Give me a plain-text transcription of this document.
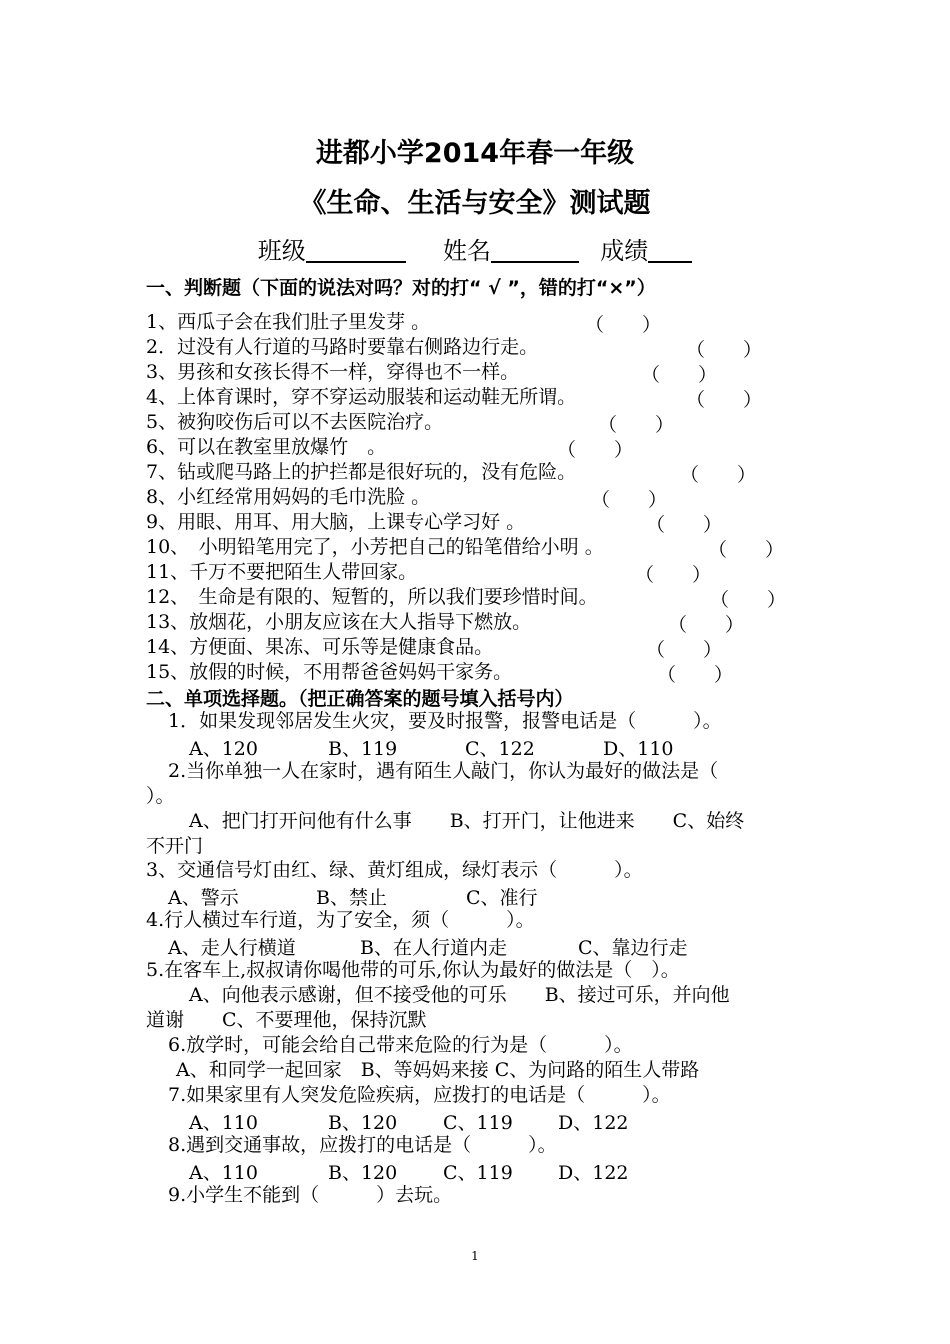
进都小学2014年春一年级
《生命、生活与安全》测试题
班级	姓名	成绩
一、判断题（下面的说法对吗？对的打“ √ ”，错的打“×”）
1、西瓜子会在我们肚子里发芽 。	（　　）
2．过没有人行道的马路时要靠右侧路边行走。	（　　）
3、男孩和女孩长得不一样，穿得也不一样。	（　　）
4、上体育课时，穿不穿运动服装和运动鞋无所谓。	（　　）
5、被狗咬伤后可以不去医院治疗。	（　　）
6、可以在教室里放爆竹　。	（　　）
7、钻或爬马路上的护拦都是很好玩的，没有危险。	（　　）
8、小红经常用妈妈的毛巾洗脸 。	（　　）
9、用眼、用耳、用大脑，上课专心学习好 。	（　　）
10、　小明铅笔用完了，小芳把自己的铅笔借给小明 。	（　　）
11、千万不要把陌生人带回家。	（　　）
12、　生命是有限的、短暂的，所以我们要珍惜时间。	（　　）
13、放烟花，小朋友应该在大人指导下燃放。	（　　）
14、方便面、果冻、可乐等是健康食品。	（　　）
15、放假的时候，不用帮爸爸妈妈干家务。	（　　）
二、单项选择题。（把正确答案的题号填入括号内）
1．如果发现邻居发生火灾，要及时报警，报警电话是（　　　）。
A、120	B、119	C、122	D、110
2.当你单独一人在家时，遇有陌生人敲门，你认为最好的做法是（
）。
A、把门打开问他有什么事　　B、打开门，让他进来　　C、始终
不开门
3、交通信号灯由红、绿、黄灯组成，绿灯表示（　　　）。
A、警示	B、禁止	C、准行
4.行人横过车行道，为了安全，须（　　　）。
A、走人行横道	B、在人行道内走	C、靠边行走
5.在客车上,叔叔请你喝他带的可乐,你认为最好的做法是（　）。
A、向他表示感谢，但不接受他的可乐　　B、接过可乐，并向他
道谢　　C、不要理他，保持沉默
6.放学时，可能会给自己带来危险的行为是（　　　）。
A、和同学一起回家　B、等妈妈来接 C、为问路的陌生人带路
7.如果家里有人突发危险疾病，应拨打的电话是（　　　）。
A、110	B、120 C、119 D、122
8.遇到交通事故，应拨打的电话是（　　　）。
A、110	B、120 C、119 D、122
9.小学生不能到（　　　）去玩。
1
